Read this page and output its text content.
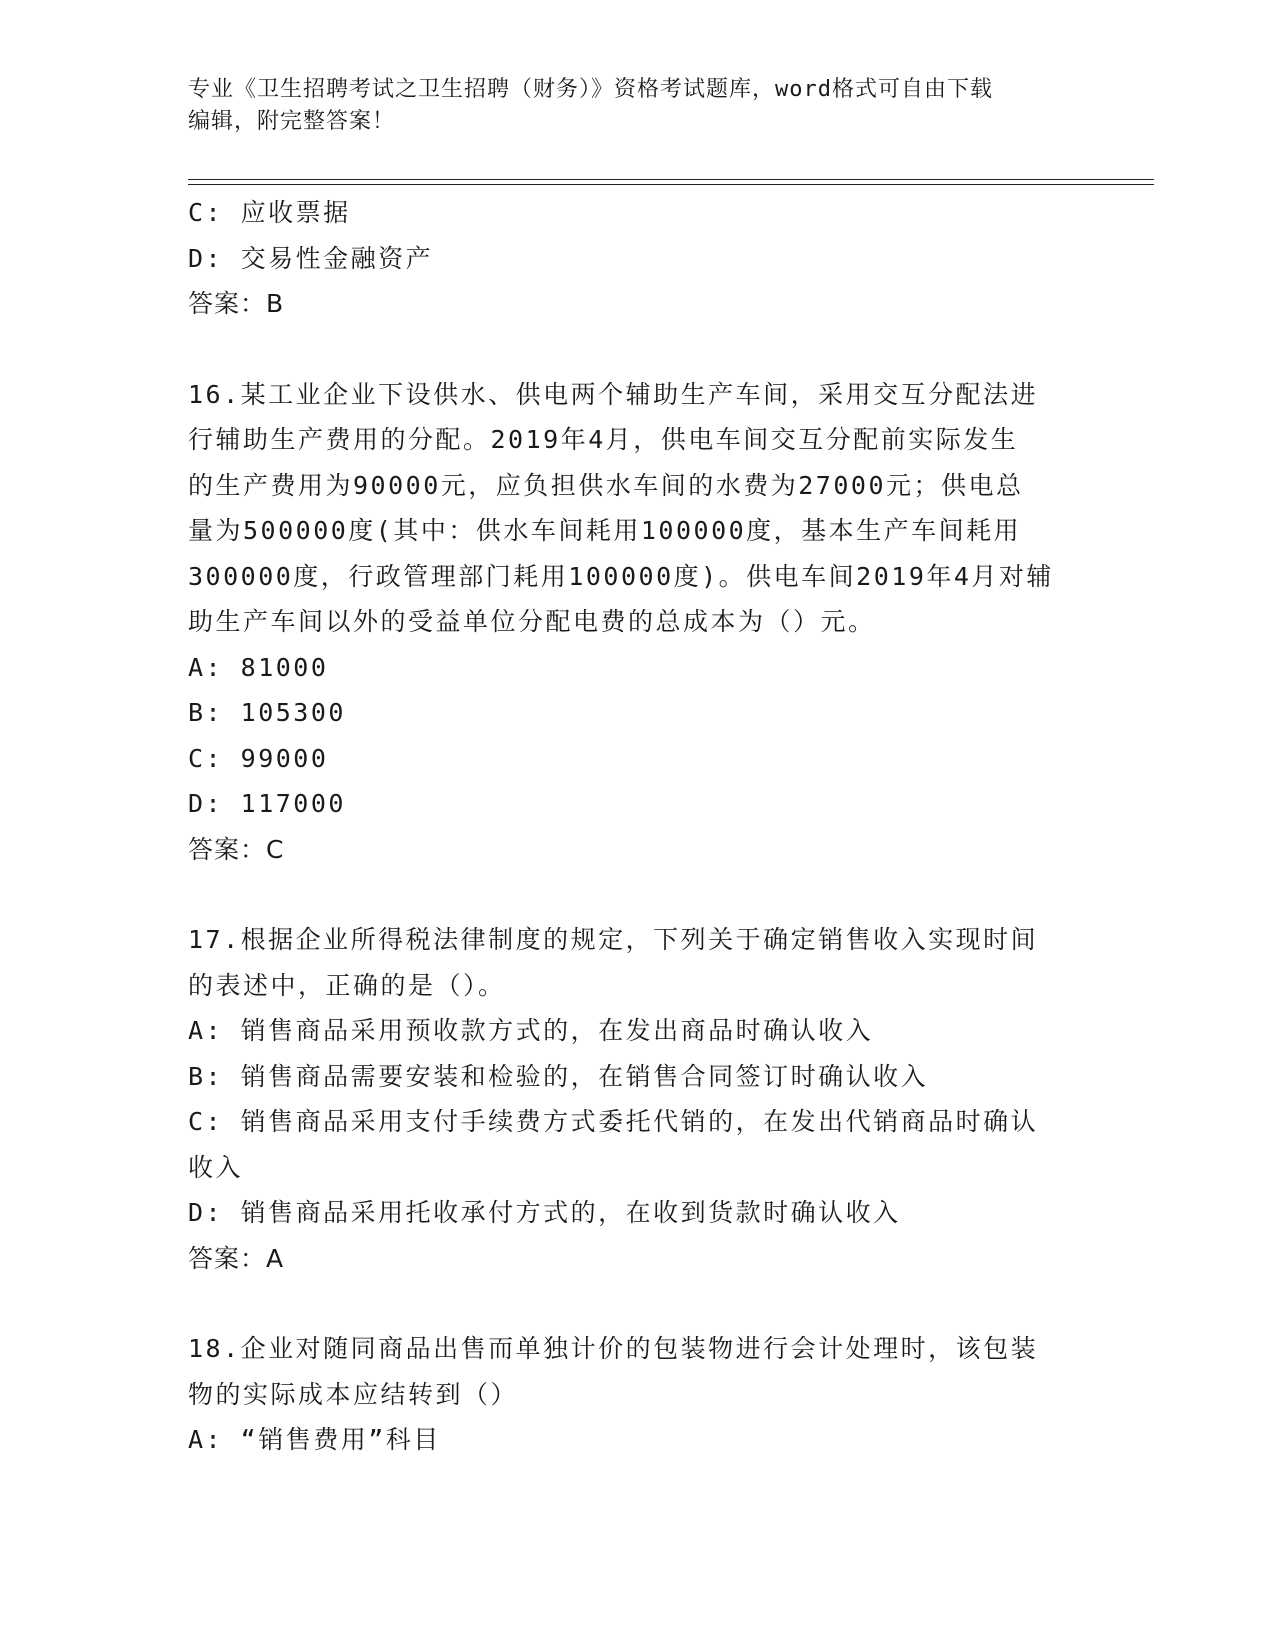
专业《卫生招聘考试之卫生招聘（财务）》资格考试题库，word格式可自由下载
编辑，附完整答案！
C: 应收票据
D: 交易性金融资产
答案：B
16.某工业企业下设供水、供电两个辅助生产车间，采用交互分配法进
行辅助生产费用的分配。2019年4月，供电车间交互分配前实际发生
的生产费用为90000元，应负担供水车间的水费为27000元；供电总
量为500000度(其中：供水车间耗用100000度，基本生产车间耗用
300000度，行政管理部门耗用100000度)。供电车间2019年4月对辅
助生产车间以外的受益单位分配电费的总成本为（）元。
A: 81000
B: 105300
C: 99000
D: 117000
答案：C
17.根据企业所得税法律制度的规定，下列关于确定销售收入实现时间
的表述中，正确的是（）。
A: 销售商品采用预收款方式的，在发出商品时确认收入
B: 销售商品需要安装和检验的，在销售合同签订时确认收入
C: 销售商品采用支付手续费方式委托代销的，在发出代销商品时确认
收入
D: 销售商品采用托收承付方式的，在收到货款时确认收入
答案：A
18.企业对随同商品出售而单独计价的包装物进行会计处理时，该包装
物的实际成本应结转到（）
A: “销售费用”科目
